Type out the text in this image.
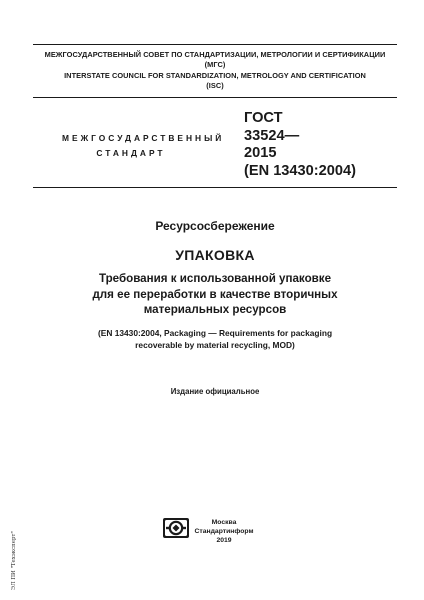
МЕЖГОСУДАРСТВЕННЫЙ СОВЕТ ПО СТАНДАРТИЗАЦИИ, МЕТРОЛОГИИ И СЕРТИФИКАЦИИ
(МГС)
INTERSTATE COUNCIL FOR STANDARDIZATION, METROLOGY AND CERTIFICATION
(ISC)
МЕЖГОСУДАРСТВЕННЫЙ
СТАНДАРТ
ГОСТ
33524—
2015
(EN 13430:2004)
Ресурсосбережение
УПАКОВКА
Требования к использованной упаковке
для ее переработки в качестве вторичных
материальных ресурсов
(EN 13430:2004, Packaging — Requirements for packaging
recoverable by material recycling, MOD)
Издание официальное
Москва
Стандартинформ
2019
ЭЛ ПИ "Техэксперт"
